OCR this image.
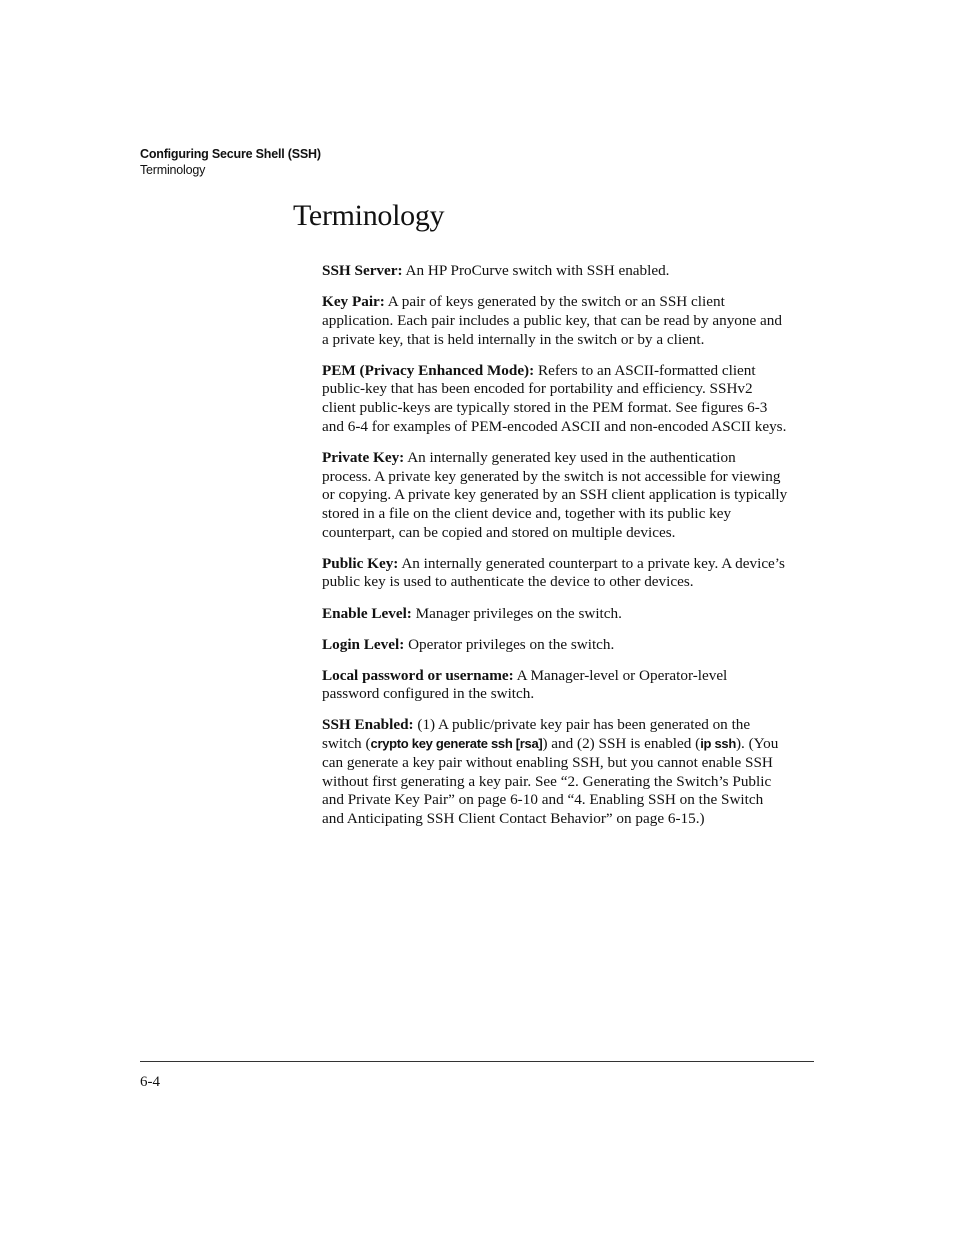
Configuring Secure Shell (SSH)
Terminology
Terminology

SSH Server: An HP ProCurve switch with SSH enabled.

Key Pair: A pair of keys generated by the switch or an SSH client application. Each pair includes a public key, that can be read by anyone and a private key, that is held internally in the switch or by a client.

PEM (Privacy Enhanced Mode): Refers to an ASCII-formatted client public-key that has been encoded for portability and efficiency. SSHv2 client public-keys are typically stored in the PEM format. See figures 6-3 and 6-4 for examples of PEM-encoded ASCII and non-encoded ASCII keys.

Private Key: An internally generated key used in the authentication process. A private key generated by the switch is not accessible for viewing or copying. A private key generated by an SSH client application is typically stored in a file on the client device and, together with its public key counterpart, can be copied and stored on multiple devices.

Public Key: An internally generated counterpart to a private key. A device’s public key is used to authenticate the device to other devices.

Enable Level: Manager privileges on the switch.

Login Level: Operator privileges on the switch.

Local password or username: A Manager-level or Operator-level password configured in the switch.

SSH Enabled: (1) A public/private key pair has been generated on the switch (crypto key generate ssh [rsa]) and (2) SSH is enabled (ip ssh). (You can generate a key pair without enabling SSH, but you cannot enable SSH without first generating a key pair. See “2. Generating the Switch’s Public and Private Key Pair” on page 6-10 and “4. Enabling SSH on the Switch and Anticipating SSH Client Contact Behavior” on page 6-15.)

6-4
